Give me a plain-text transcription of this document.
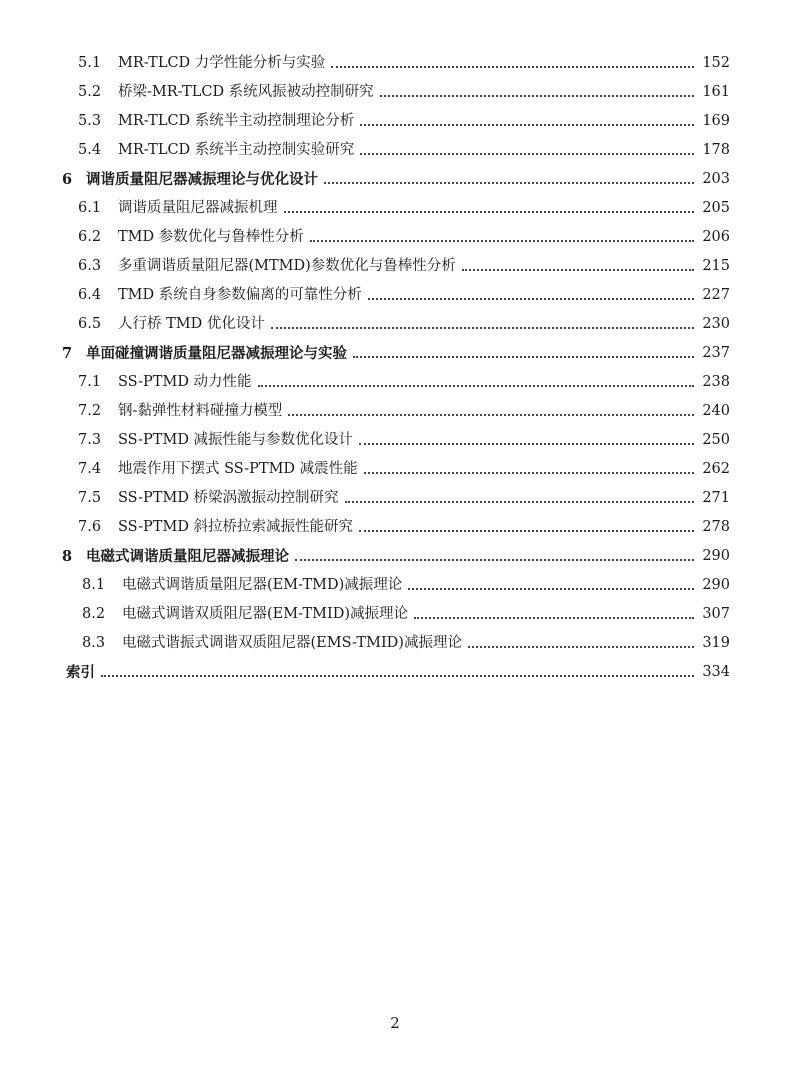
5.1	MR-TLCD 力学性能分析与实验	152
5.2	桥梁-MR-TLCD 系统风振被动控制研究	161
5.3	MR-TLCD 系统半主动控制理论分析	169
5.4	MR-TLCD 系统半主动控制实验研究	178
6 调谐质量阻尼器减振理论与优化设计	203
6.1	调谐质量阻尼器减振机理	205
6.2	TMD 参数优化与鲁棒性分析	206
6.3	多重调谐质量阻尼器(MTMD)参数优化与鲁棒性分析	215
6.4	TMD 系统自身参数偏离的可靠性分析	227
6.5	人行桥 TMD 优化设计	230
7 单面碰撞调谐质量阻尼器减振理论与实验	237
7.1	SS-PTMD 动力性能	238
7.2	钢-黏弹性材料碰撞力模型	240
7.3	SS-PTMD 减振性能与参数优化设计	250
7.4	地震作用下摆式 SS-PTMD 减震性能	262
7.5	SS-PTMD 桥梁涡激振动控制研究	271
7.6	SS-PTMD 斜拉桥拉索减振性能研究	278
8 电磁式调谐质量阻尼器减振理论	290
8.1	电磁式调谐质量阻尼器(EM-TMD)减振理论	290
8.2	电磁式调谐双质阻尼器(EM-TMID)减振理论	307
8.3	电磁式谐振式调谐双质阻尼器(EMS-TMID)减振理论	319
索引	334
2
